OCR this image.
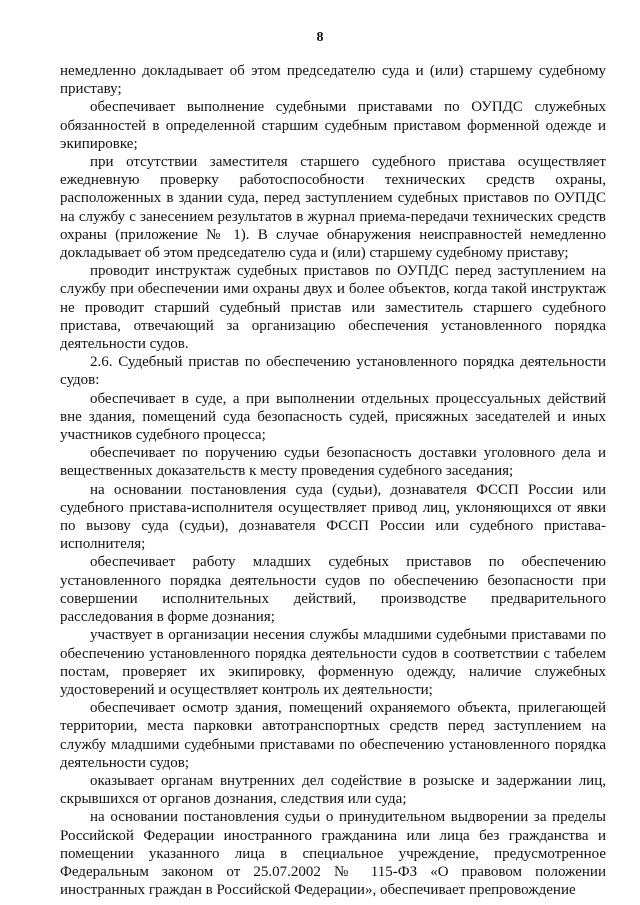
8

немедленно докладывает об этом председателю суда и (или) старшему судебному приставу;

обеспечивает выполнение судебными приставами по ОУПДС служебных обязанностей в определенной старшим судебным приставом форменной одежде и экипировке;

при отсутствии заместителя старшего судебного пристава осуществляет ежедневную проверку работоспособности технических средств охраны, расположенных в здании суда, перед заступлением судебных приставов по ОУПДС на службу с занесением результатов в журнал приема-передачи технических средств охраны (приложение № 1). В случае обнаружения неисправностей немедленно докладывает об этом председателю суда и (или) старшему судебному приставу;

проводит инструктаж судебных приставов по ОУПДС перед заступлением на службу при обеспечении ими охраны двух и более объектов, когда такой инструктаж не проводит старший судебный пристав или заместитель старшего судебного пристава, отвечающий за организацию обеспечения установленного порядка деятельности судов.

2.6. Судебный пристав по обеспечению установленного порядка деятельности судов:

обеспечивает в суде, а при выполнении отдельных процессуальных действий вне здания, помещений суда безопасность судей, присяжных заседателей и иных участников судебного процесса;

обеспечивает по поручению судьи безопасность доставки уголовного дела и вещественных доказательств к месту проведения судебного заседания;

на основании постановления суда (судьи), дознавателя ФССП России или судебного пристава-исполнителя осуществляет привод лиц, уклоняющихся от явки по вызову суда (судьи), дознавателя ФССП России или судебного пристава-исполнителя;

обеспечивает работу младших судебных приставов по обеспечению установленного порядка деятельности судов по обеспечению безопасности при совершении исполнительных действий, производстве предварительного расследования в форме дознания;

участвует в организации несения службы младшими судебными приставами по обеспечению установленного порядка деятельности судов в соответствии с табелем постам, проверяет их экипировку, форменную одежду, наличие служебных удостоверений и осуществляет контроль их деятельности;

обеспечивает осмотр здания, помещений охраняемого объекта, прилегающей территории, места парковки автотранспортных средств перед заступлением на службу младшими судебными приставами по обеспечению установленного порядка деятельности судов;

оказывает органам внутренних дел содействие в розыске и задержании лиц, скрывшихся от органов дознания, следствия или суда;

на основании постановления судьи о принудительном выдворении за пределы Российской Федерации иностранного гражданина или лица без гражданства и помещении указанного лица в специальное учреждение, предусмотренное Федеральным законом от 25.07.2002 № 115-ФЗ «О правовом положении иностранных граждан в Российской Федерации», обеспечивает препровождение
